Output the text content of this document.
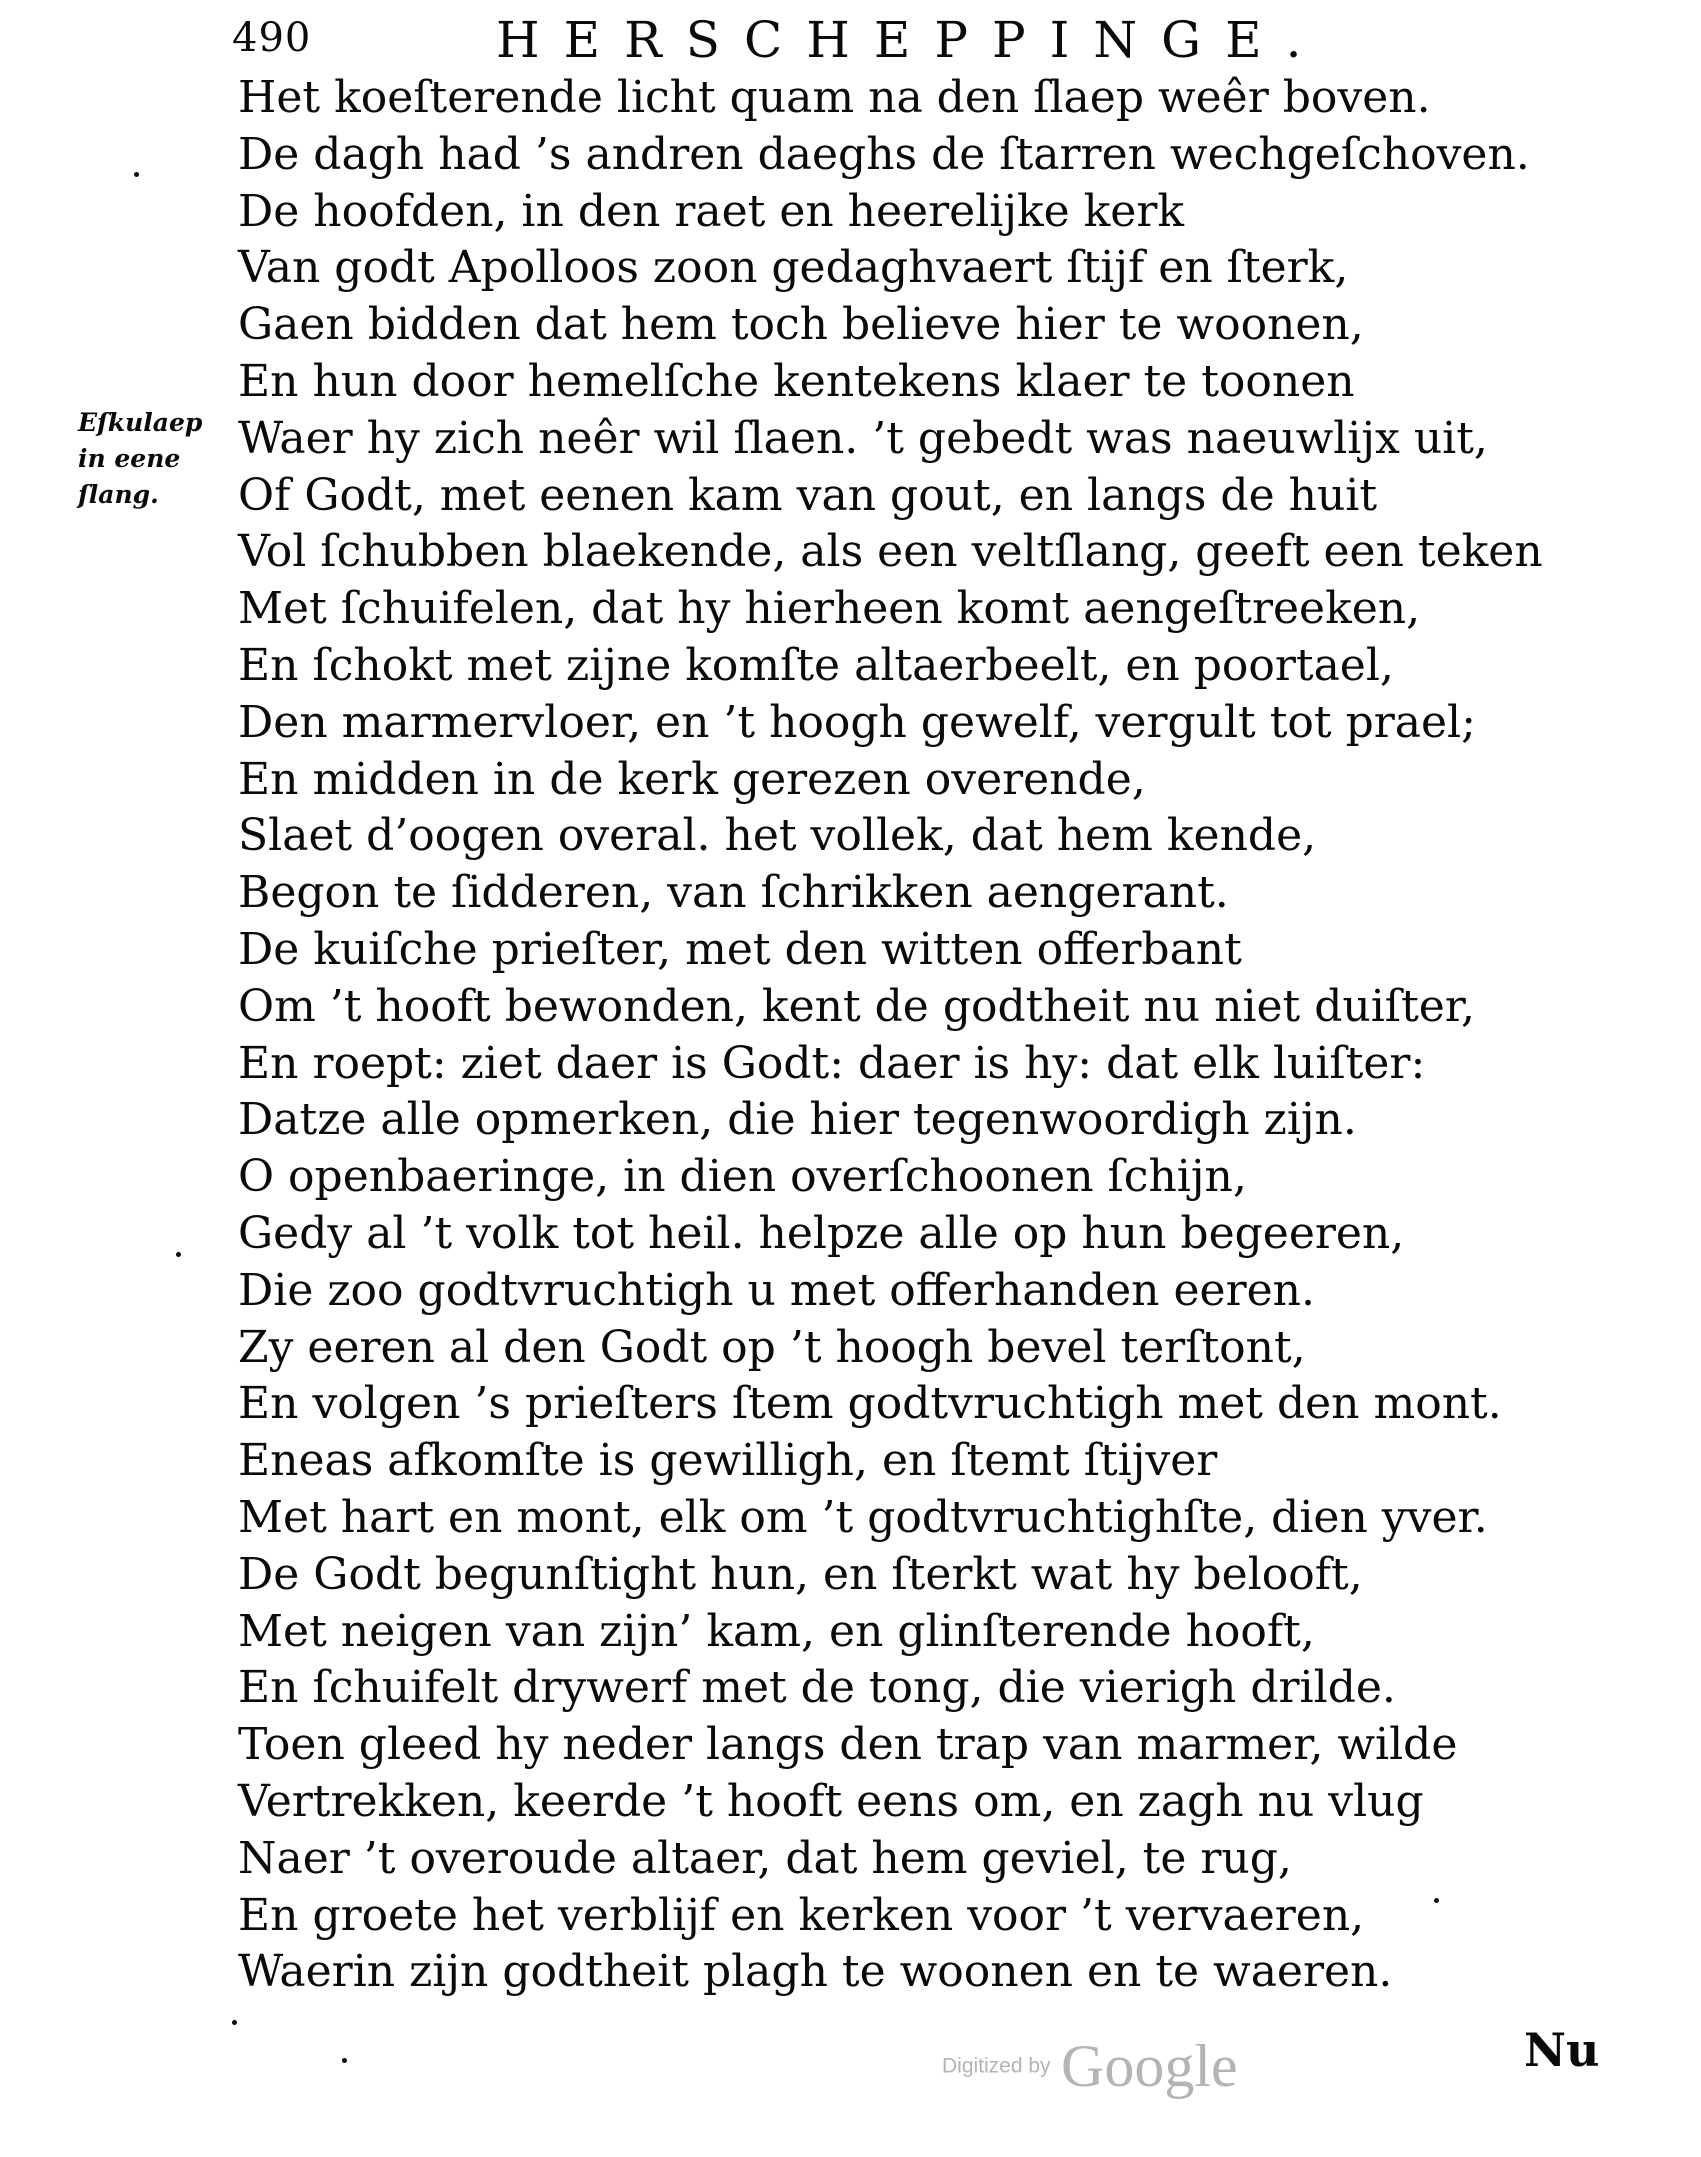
490	HERSCHEPPINGE.
Eſkulaep
in eene
ſlang.
Het koeſterende licht quam na den ſlaep weêr boven.
De dagh had ’s andren daeghs de ſtarren wechgeſchoven.
De hoofden, in den raet en heerelijke kerk
Van godt Apolloos zoon gedaghvaert ſtijf en ſterk,
Gaen bidden dat hem toch believe hier te woonen,
En hun door hemelſche kentekens klaer te toonen
Waer hy zich neêr wil ſlaen. ’t gebedt was naeuwlijx uit,
Of Godt, met eenen kam van gout, en langs de huit
Vol ſchubben blaekende, als een veltſlang, geeft een teken
Met ſchuifelen, dat hy hierheen komt aengeſtreeken,
En ſchokt met zijne komſte altaerbeelt, en poortael,
Den marmervloer, en ’t hoogh gewelf, vergult tot prael;
En midden in de kerk gerezen overende,
Slaet d’oogen overal. het vollek, dat hem kende,
Begon te ſidderen, van ſchrikken aengerant.
De kuiſche prieſter, met den witten offerbant
Om ’t hooft bewonden, kent de godtheit nu niet duiſter,
En roept: ziet daer is Godt: daer is hy: dat elk luiſter:
Datze alle opmerken, die hier tegenwoordigh zijn.
O openbaeringe, in dien overſchoonen ſchijn,
Gedy al ’t volk tot heil. helpze alle op hun begeeren,
Die zoo godtvruchtigh u met offerhanden eeren.
Zy eeren al den Godt op ’t hoogh bevel terſtont,
En volgen ’s prieſters ſtem godtvruchtigh met den mont.
Eneas afkomſte is gewilligh, en ſtemt ſtijver
Met hart en mont, elk om ’t godtvruchtighſte, dien yver.
De Godt begunſtight hun, en ſterkt wat hy belooft,
Met neigen van zijn’ kam, en glinſterende hooft,
En ſchuifelt drywerf met de tong, die vierigh drilde.
Toen gleed hy neder langs den trap van marmer, wilde
Vertrekken, keerde ’t hooft eens om, en zagh nu vlug
Naer ’t overoude altaer, dat hem geviel, te rug,
En groete het verblijf en kerken voor ’t vervaeren,
Waerin zijn godtheit plagh te woonen en te waeren.
Nu
Digitized by Google
